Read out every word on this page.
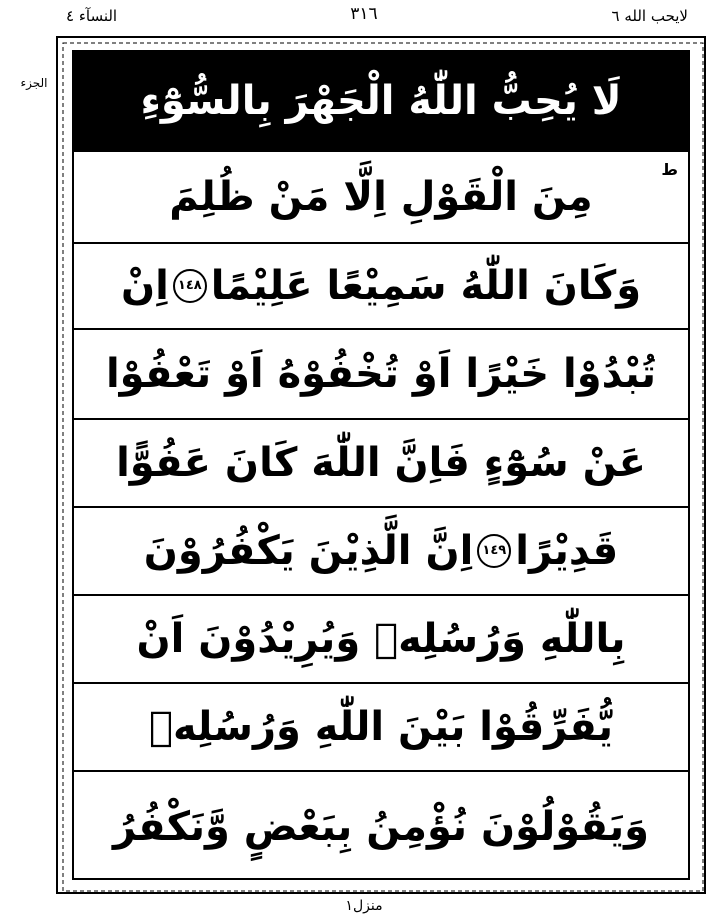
النسآء ٤	٣١٦	لايحب الله ٦
الجزء	لَا يُحِبُّ اللّٰهُ الْجَهْرَ بِالسُّوْٓءِ
ط
مِنَ الْقَوْلِ اِلَّا مَنْ ظُلِمَ
وَكَانَ اللّٰهُ سَمِيْعًا عَلِيْمًا
١٤٨
اِنْ
تُبْدُوْا خَيْرًا اَوْ تُخْفُوْهُ اَوْ تَعْفُوْا
عَنْ سُوْٓءٍ فَاِنَّ اللّٰهَ كَانَ عَفُوًّا
قَدِيْرًا
١٤٩
اِنَّ الَّذِيْنَ يَكْفُرُوْنَ
بِاللّٰهِ وَرُسُلِهٖ وَيُرِيْدُوْنَ اَنْ
يُّفَرِّقُوْا بَيْنَ اللّٰهِ وَرُسُلِهٖ
وَيَقُوْلُوْنَ نُؤْمِنُ بِبَعْضٍ وَّنَكْفُرُ
منزل١
